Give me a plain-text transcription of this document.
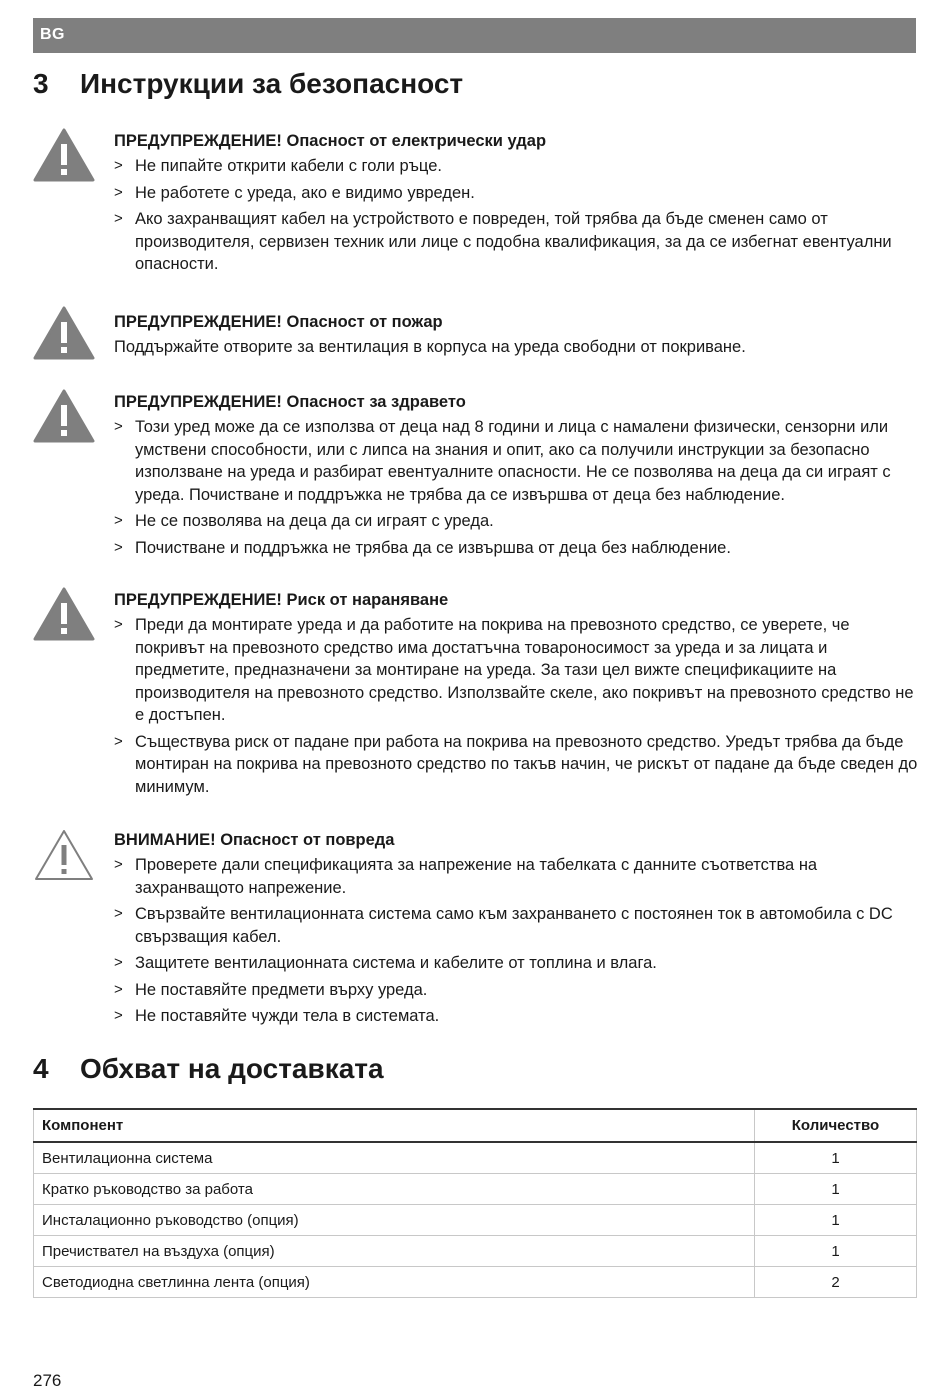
BG
3 Инструкции за безопасност

ПРЕДУПРЕЖДЕНИЕ! Опасност от електрически удар

> Не пипайте открити кабели с голи ръце.
> Не работете с уреда, ако е видимо увреден.
> Ако захранващият кабел на устройството е повреден, той трябва да бъде сменен само от производителя, сервизен техник или лице с подобна квалификация, за да се избегнат евентуални опасности.

ПРЕДУПРЕЖДЕНИЕ! Опасност от пожар

Поддържайте отворите за вентилация в корпуса на уреда свободни от покриване.

ПРЕДУПРЕЖДЕНИЕ! Опасност за здравето

> Този уред може да се използва от деца над 8 години и лица с намалени физически, сензорни или умствени способности, или с липса на знания и опит, ако са получили инструкции за безопасно използване на уреда и разбират евентуалните опасности. Не се позволява на деца да си играят с уреда. Почистване и поддръжка не трябва да се извършва от деца без наблюдение.
> Не се позволява на деца да си играят с уреда.
> Почистване и поддръжка не трябва да се извършва от деца без наблюдение.

ПРЕДУПРЕЖДЕНИЕ! Риск от нараняване

> Преди да монтирате уреда и да работите на покрива на превозното средство, се уверете, че покривът на превозното средство има достатъчна товароносимост за уреда и за лицата и предметите, предназначени за монтиране на уреда. За тази цел вижте спецификациите на производителя на превозното средство. Използвайте скеле, ако покривът на превозното средство не е достъпен.
> Съществува риск от падане при работа на покрива на превозното средство. Уредът трябва да бъде монтиран на покрива на превозното средство по такъв начин, че рискът от падане да бъде сведен до минимум.

ВНИМАНИЕ! Опасност от повреда

> Проверете дали спецификацията за напрежение на табелката с данните съответства на захранващото напрежение.
> Свързвайте вентилационната система само към захранването с постоянен ток в автомобила с DC свързващия кабел.
> Защитете вентилационната система и кабелите от топлина и влага.
> Не поставяйте предмети върху уреда.
> Не поставяйте чужди тела в системата.
4 Обхват на доставката
Компонент	Количество
Вентилационна система	1
Кратко ръководство за работа	1
Инсталационно ръководство (опция)	1
Пречиствател на въздуха (опция)	1
Светодиодна светлинна лента (опция)	2
276
